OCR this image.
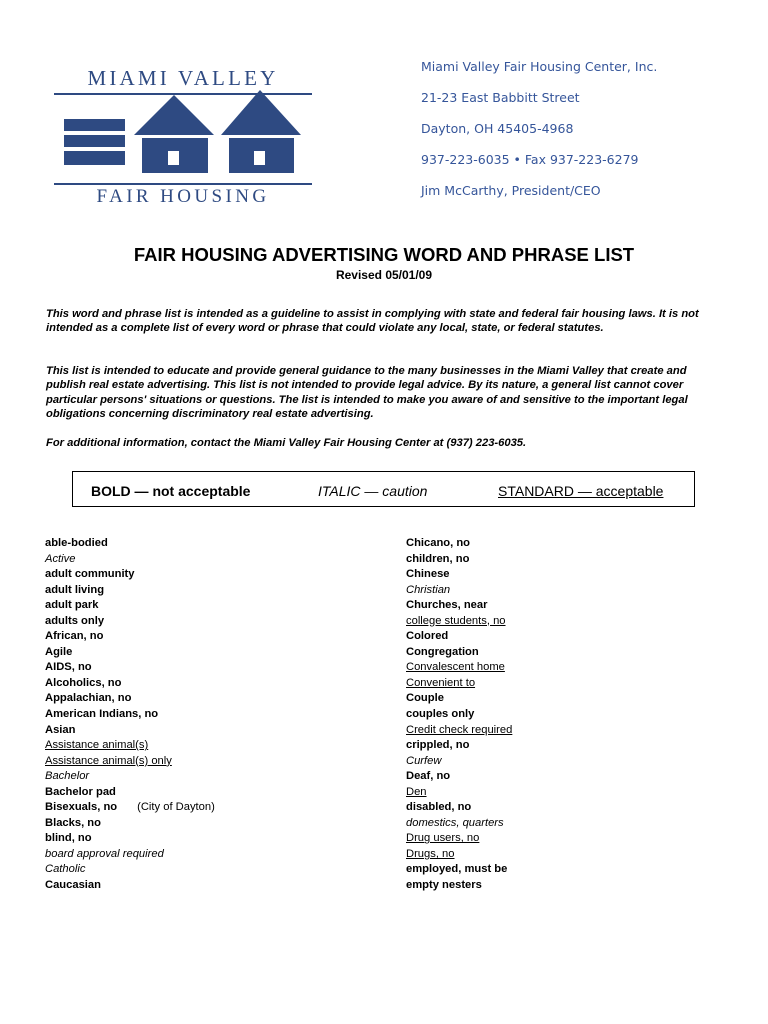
MIAMI VALLEY
FAIR HOUSING
Miami Valley Fair Housing Center, Inc.
21-23 East Babbitt Street
Dayton, OH 45405-4968
937-223-6035 • Fax 937-223-6279
Jim McCarthy, President/CEO
FAIR HOUSING ADVERTISING WORD AND PHRASE LIST
Revised 05/01/09
This word and phrase list is intended as a guideline to assist in complying with state and federal fair housing laws. It is not intended as a complete list of every word or phrase that could violate any local, state, or federal statutes.
This list is intended to educate and provide general guidance to the many businesses in the Miami Valley that create and publish real estate advertising. This list is not intended to provide legal advice. By its nature, a general list cannot cover particular persons' situations or questions. The list is intended to make you aware of and sensitive to the important legal obligations concerning discriminatory real estate advertising.
For additional information, contact the Miami Valley Fair Housing Center at (937) 223-6035.
BOLD — not acceptable	ITALIC — caution	STANDARD — acceptable
able-bodied
Active
adult community
adult living
adult park
adults only
African, no
Agile
AIDS, no
Alcoholics, no
Appalachian, no
American Indians, no
Asian
Assistance animal(s)
Assistance animal(s) only
Bachelor
Bachelor pad
Bisexuals, no (City of Dayton)
Blacks, no
blind, no
board approval required
Catholic
Caucasian
Chicano, no
children, no
Chinese
Christian
Churches, near
college students, no
Colored
Congregation
Convalescent home
Convenient to
Couple
couples only
Credit check required
crippled, no
Curfew
Deaf, no
Den
disabled, no
domestics, quarters
Drug users, no
Drugs, no
employed, must be
empty nesters
